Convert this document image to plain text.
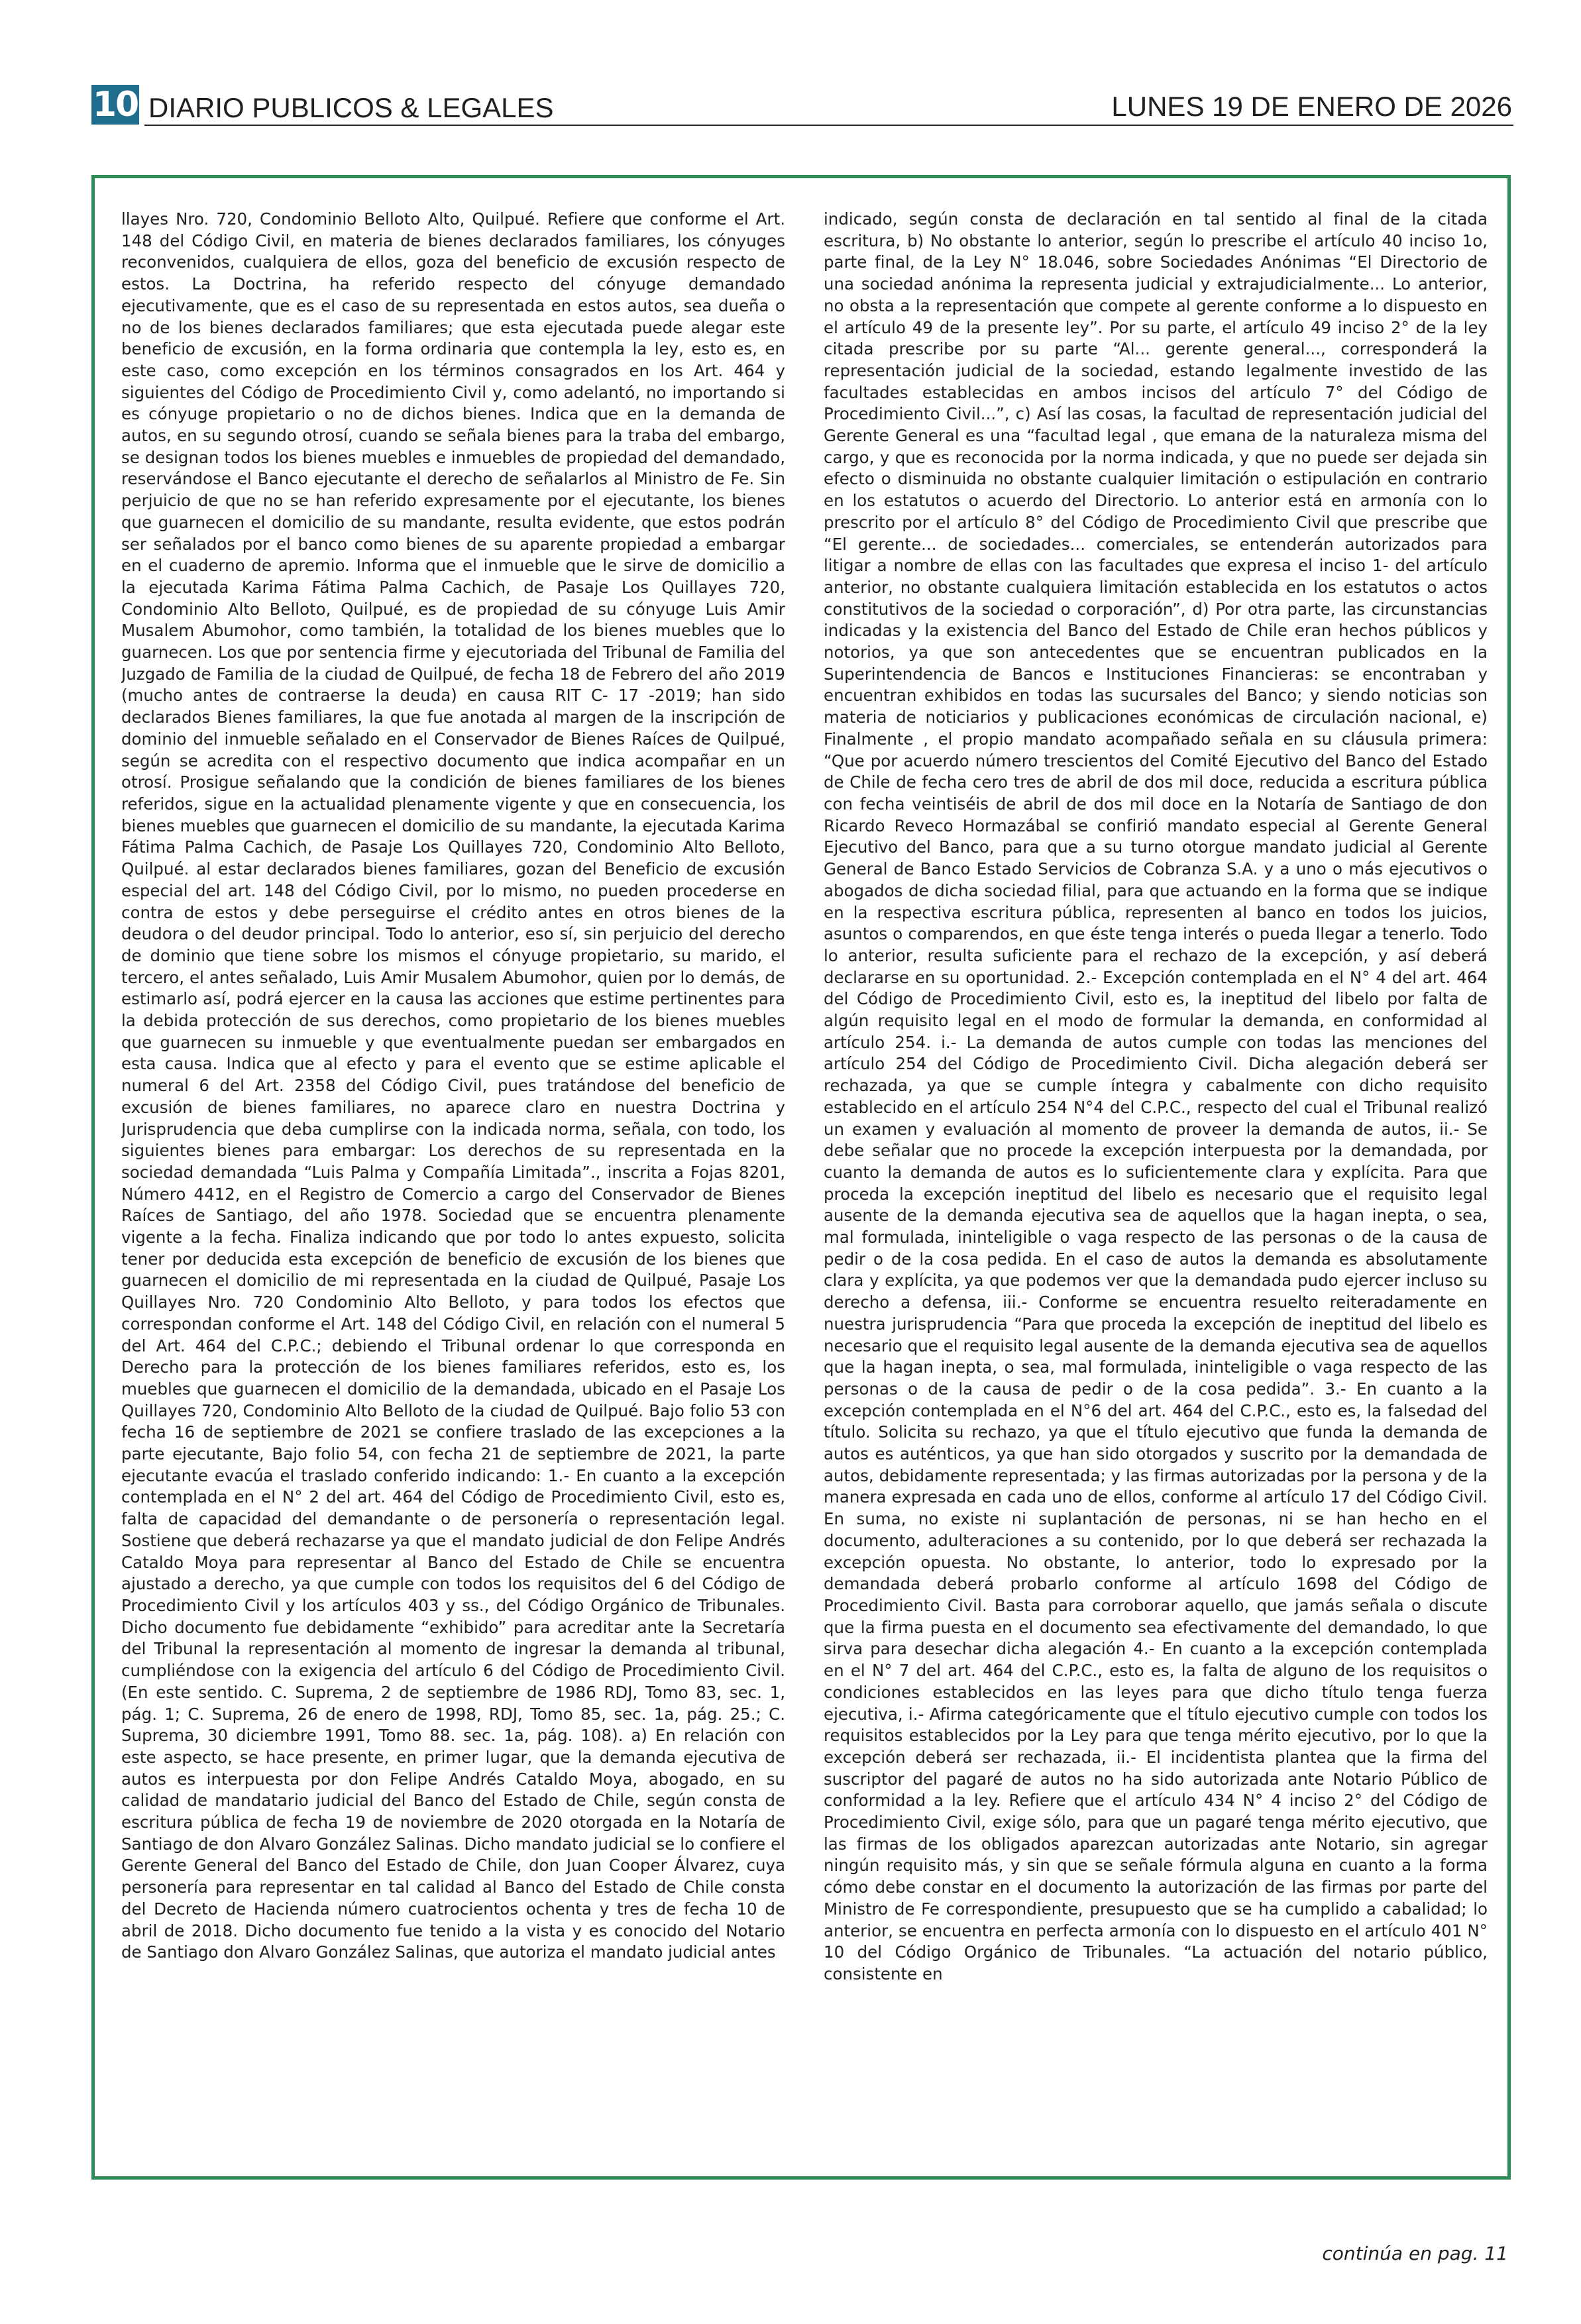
10 DIARIO PUBLICOS & LEGALES	LUNES 19 DE ENERO DE 2026

llayes Nro. 720, Condominio Belloto Alto, Quilpué. Refiere que conforme el Art. 148 del Código Civil, en materia de bienes declarados familiares, los cónyuges reconvenidos, cualquiera de ellos, goza del beneficio de excusión respecto de estos. La Doctrina, ha referido respecto del cónyuge demandado ejecutivamente, que es el caso de su representada en estos autos, sea dueña o no de los bienes declarados familiares; que esta ejecutada puede alegar este beneficio de excusión, en la forma ordinaria que contempla la ley, esto es, en este caso, como excepción en los términos consagrados en los Art. 464 y siguientes del Código de Procedimiento Civil y, como adelantó, no importando si es cónyuge propietario o no de dichos bienes. Indica que en la demanda de autos, en su segundo otrosí, cuando se señala bienes para la traba del embargo, se designan todos los bienes muebles e inmuebles de propiedad del demandado, reservándose el Banco ejecutante el derecho de señalarlos al Ministro de Fe. Sin perjuicio de que no se han referido expresamente por el ejecutante, los bienes que guarnecen el domicilio de su mandante, resulta evidente, que estos podrán ser señalados por el banco como bienes de su aparente propiedad a embargar en el cuaderno de apremio. Informa que el inmueble que le sirve de domicilio a la ejecutada Karima Fátima Palma Cachich, de Pasaje Los Quillayes 720, Condominio Alto Belloto, Quilpué, es de propiedad de su cónyuge Luis Amir Musalem Abumohor, como también, la totalidad de los bienes muebles que lo guarnecen. Los que por sentencia firme y ejecutoriada del Tribunal de Familia del Juzgado de Familia de la ciudad de Quilpué, de fecha 18 de Febrero del año 2019 (mucho antes de contraerse la deuda) en causa RIT C- 17 -2019; han sido declarados Bienes familiares, la que fue anotada al margen de la inscripción de dominio del inmueble señalado en el Conservador de Bienes Raíces de Quilpué, según se acredita con el respectivo documento que indica acompañar en un otrosí. Prosigue señalando que la condición de bienes familiares de los bienes referidos, sigue en la actualidad plenamente vigente y que en consecuencia, los bienes muebles que guarnecen el domicilio de su mandante, la ejecutada Karima Fátima Palma Cachich, de Pasaje Los Quillayes 720, Condominio Alto Belloto, Quilpué. al estar declarados bienes familiares, gozan del Beneficio de excusión especial del art. 148 del Código Civil, por lo mismo, no pueden procederse en contra de estos y debe perseguirse el crédito antes en otros bienes de la deudora o del deudor principal. Todo lo anterior, eso sí, sin perjuicio del derecho de dominio que tiene sobre los mismos el cónyuge propietario, su marido, el tercero, el antes señalado, Luis Amir Musalem Abumohor, quien por lo demás, de estimarlo así, podrá ejercer en la causa las acciones que estime pertinentes para la debida protección de sus derechos, como propietario de los bienes muebles que guarnecen su inmueble y que eventualmente puedan ser embargados en esta causa. Indica que al efecto y para el evento que se estime aplicable el numeral 6 del Art. 2358 del Código Civil, pues tratándose del beneficio de excusión de bienes familiares, no aparece claro en nuestra Doctrina y Jurisprudencia que deba cumplirse con la indicada norma, señala, con todo, los siguientes bienes para embargar: Los derechos de su representada en la sociedad demandada “Luis Palma y Compañía Limitada”., inscrita a Fojas 8201, Número 4412, en el Registro de Comercio a cargo del Conservador de Bienes Raíces de Santiago, del año 1978. Sociedad que se encuentra plenamente vigente a la fecha. Finaliza indicando que por todo lo antes expuesto, solicita tener por deducida esta excepción de beneficio de excusión de los bienes que guarnecen el domicilio de mi representada en la ciudad de Quilpué, Pasaje Los Quillayes Nro. 720 Condominio Alto Belloto, y para todos los efectos que correspondan conforme el Art. 148 del Código Civil, en relación con el numeral 5 del Art. 464 del C.P.C.; debiendo el Tribunal ordenar lo que corresponda en Derecho para la protección de los bienes familiares referidos, esto es, los muebles que guarnecen el domicilio de la demandada, ubicado en el Pasaje Los Quillayes 720, Condominio Alto Belloto de la ciudad de Quilpué. Bajo folio 53 con fecha 16 de septiembre de 2021 se confiere traslado de las excepciones a la parte ejecutante, Bajo folio 54, con fecha 21 de septiembre de 2021, la parte ejecutante evacúa el traslado conferido indicando: 1.- En cuanto a la excepción contemplada en el N° 2 del art. 464 del Código de Procedimiento Civil, esto es, falta de capacidad del demandante o de personería o representación legal. Sostiene que deberá rechazarse ya que el mandato judicial de don Felipe Andrés Cataldo Moya para representar al Banco del Estado de Chile se encuentra ajustado a derecho, ya que cumple con todos los requisitos del 6 del Código de Procedimiento Civil y los artículos 403 y ss., del Código Orgánico de Tribunales. Dicho documento fue debidamente “exhibido” para acreditar ante la Secretaría del Tribunal la representación al momento de ingresar la demanda al tribunal, cumpliéndose con la exigencia del artículo 6 del Código de Procedimiento Civil. (En este sentido. C. Suprema, 2 de septiembre de 1986 RDJ, Tomo 83, sec. 1, pág. 1; C. Suprema, 26 de enero de 1998, RDJ, Tomo 85, sec. 1a, pág. 25.; C. Suprema, 30 diciembre 1991, Tomo 88. sec. 1a, pág. 108). a) En relación con este aspecto, se hace presente, en primer lugar, que la demanda ejecutiva de autos es interpuesta por don Felipe Andrés Cataldo Moya, abogado, en su calidad de mandatario judicial del Banco del Estado de Chile, según consta de escritura pública de fecha 19 de noviembre de 2020 otorgada en la Notaría de Santiago de don Alvaro González Salinas. Dicho mandato judicial se lo confiere el Gerente General del Banco del Estado de Chile, don Juan Cooper Álvarez, cuya personería para representar en tal calidad al Banco del Estado de Chile consta del Decreto de Hacienda número cuatrocientos ochenta y tres de fecha 10 de abril de 2018. Dicho documento fue tenido a la vista y es conocido del Notario de Santiago don Alvaro González Salinas, que autoriza el mandato judicial antes

indicado, según consta de declaración en tal sentido al final de la citada escritura, b) No obstante lo anterior, según lo prescribe el artículo 40 inciso 1o, parte final, de la Ley N° 18.046, sobre Sociedades Anónimas “El Directorio de una sociedad anónima la representa judicial y extrajudicialmente... Lo anterior, no obsta a la representación que compete al gerente conforme a lo dispuesto en el artículo 49 de la presente ley”. Por su parte, el artículo 49 inciso 2° de la ley citada prescribe por su parte “Al... gerente general..., corresponderá la representación judicial de la sociedad, estando legalmente investido de las facultades establecidas en ambos incisos del artículo 7° del Código de Procedimiento Civil...”, c) Así las cosas, la facultad de representación judicial del Gerente General es una “facultad legal , que emana de la naturaleza misma del cargo, y que es reconocida por la norma indicada, y que no puede ser dejada sin efecto o disminuida no obstante cualquier limitación o estipulación en contrario en los estatutos o acuerdo del Directorio. Lo anterior está en armonía con lo prescrito por el artículo 8° del Código de Procedimiento Civil que prescribe que “El gerente... de sociedades... comerciales, se entenderán autorizados para litigar a nombre de ellas con las facultades que expresa el inciso 1- del artículo anterior, no obstante cualquiera limitación establecida en los estatutos o actos constitutivos de la sociedad o corporación”, d) Por otra parte, las circunstancias indicadas y la existencia del Banco del Estado de Chile eran hechos públicos y notorios, ya que son antecedentes que se encuentran publicados en la Superintendencia de Bancos e Instituciones Financieras: se encontraban y encuentran exhibidos en todas las sucursales del Banco; y siendo noticias son materia de noticiarios y publicaciones económicas de circulación nacional, e) Finalmente , el propio mandato acompañado señala en su cláusula primera: “Que por acuerdo número trescientos del Comité Ejecutivo del Banco del Estado de Chile de fecha cero tres de abril de dos mil doce, reducida a escritura pública con fecha veintiséis de abril de dos mil doce en la Notaría de Santiago de don Ricardo Reveco Hormazábal se confirió mandato especial al Gerente General Ejecutivo del Banco, para que a su turno otorgue mandato judicial al Gerente General de Banco Estado Servicios de Cobranza S.A. y a uno o más ejecutivos o abogados de dicha sociedad filial, para que actuando en la forma que se indique en la respectiva escritura pública, representen al banco en todos los juicios, asuntos o comparendos, en que éste tenga interés o pueda llegar a tenerlo. Todo lo anterior, resulta suficiente para el rechazo de la excepción, y así deberá declararse en su oportunidad. 2.- Excepción contemplada en el N° 4 del art. 464 del Código de Procedimiento Civil, esto es, la ineptitud del libelo por falta de algún requisito legal en el modo de formular la demanda, en conformidad al artículo 254. i.- La demanda de autos cumple con todas las menciones del artículo 254 del Código de Procedimiento Civil. Dicha alegación deberá ser rechazada, ya que se cumple íntegra y cabalmente con dicho requisito establecido en el artículo 254 N°4 del C.P.C., respecto del cual el Tribunal realizó un examen y evaluación al momento de proveer la demanda de autos, ii.- Se debe señalar que no procede la excepción interpuesta por la demandada, por cuanto la demanda de autos es lo suficientemente clara y explícita. Para que proceda la excepción ineptitud del libelo es necesario que el requisito legal ausente de la demanda ejecutiva sea de aquellos que la hagan inepta, o sea, mal formulada, ininteligible o vaga respecto de las personas o de la causa de pedir o de la cosa pedida. En el caso de autos la demanda es absolutamente clara y explícita, ya que podemos ver que la demandada pudo ejercer incluso su derecho a defensa, iii.- Conforme se encuentra resuelto reiteradamente en nuestra jurisprudencia “Para que proceda la excepción de ineptitud del libelo es necesario que el requisito legal ausente de la demanda ejecutiva sea de aquellos que la hagan inepta, o sea, mal formulada, ininteligible o vaga respecto de las personas o de la causa de pedir o de la cosa pedida”. 3.- En cuanto a la excepción contemplada en el N°6 del art. 464 del C.P.C., esto es, la falsedad del título. Solicita su rechazo, ya que el título ejecutivo que funda la demanda de autos es auténticos, ya que han sido otorgados y suscrito por la demandada de autos, debidamente representada; y las firmas autorizadas por la persona y de la manera expresada en cada uno de ellos, conforme al artículo 17 del Código Civil. En suma, no existe ni suplantación de personas, ni se han hecho en el documento, adulteraciones a su contenido, por lo que deberá ser rechazada la excepción opuesta. No obstante, lo anterior, todo lo expresado por la demandada deberá probarlo conforme al artículo 1698 del Código de Procedimiento Civil. Basta para corroborar aquello, que jamás señala o discute que la firma puesta en el documento sea efectivamente del demandado, lo que sirva para desechar dicha alegación 4.- En cuanto a la excepción contemplada en el N° 7 del art. 464 del C.P.C., esto es, la falta de alguno de los requisitos o condiciones establecidos en las leyes para que dicho título tenga fuerza ejecutiva, i.- Afirma categóricamente que el título ejecutivo cumple con todos los requisitos establecidos por la Ley para que tenga mérito ejecutivo, por lo que la excepción deberá ser rechazada, ii.- El incidentista plantea que la firma del suscriptor del pagaré de autos no ha sido autorizada ante Notario Público de conformidad a la ley. Refiere que el artículo 434 N° 4 inciso 2° del Código de Procedimiento Civil, exige sólo, para que un pagaré tenga mérito ejecutivo, que las firmas de los obligados aparezcan autorizadas ante Notario, sin agregar ningún requisito más, y sin que se señale fórmula alguna en cuanto a la forma cómo debe constar en el documento la autorización de las firmas por parte del Ministro de Fe correspondiente, presupuesto que se ha cumplido a cabalidad; lo anterior, se encuentra en perfecta armonía con lo dispuesto en el artículo 401 N° 10 del Código Orgánico de Tribunales. “La actuación del notario público, consistente en

continúa en pag. 11
